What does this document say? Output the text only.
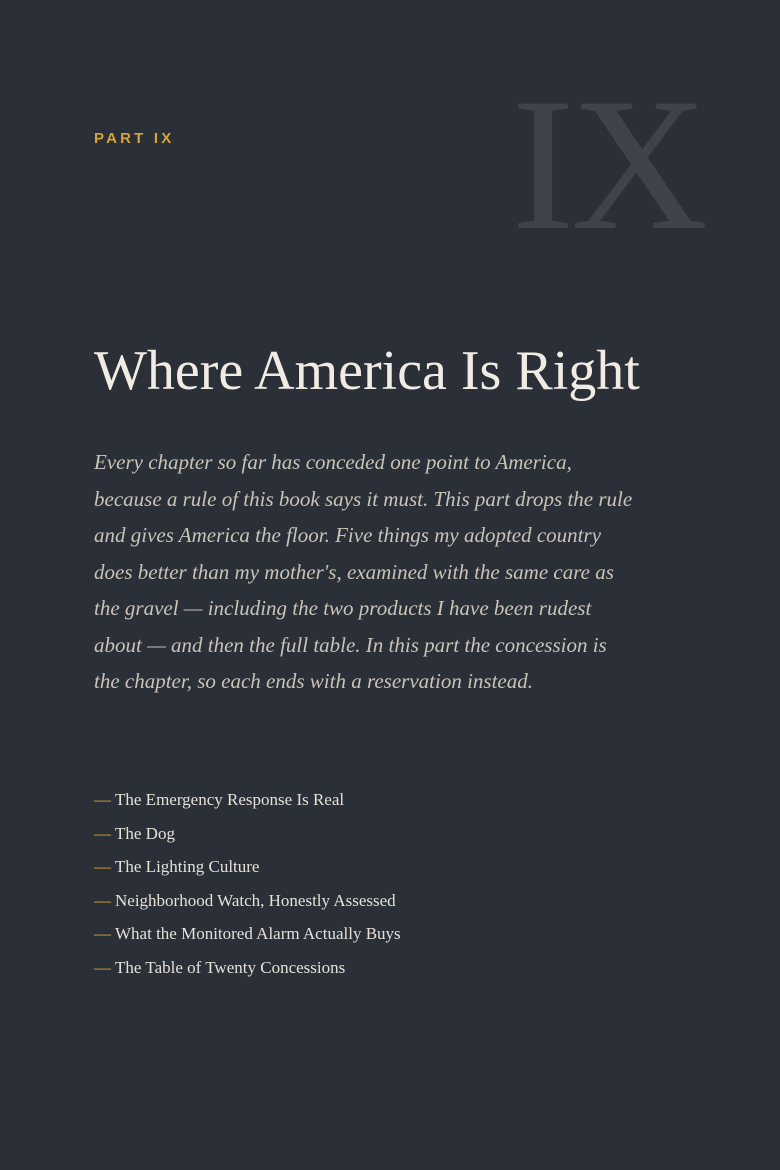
PART IX IX
Where America Is Right

Every chapter so far has conceded one point to America, because a rule of this book says it must. This part drops the rule and gives America the floor. Five things my adopted country does better than my mother's, examined with the same care as the gravel — including the two products I have been rudest about — and then the full table. In this part the concession is the chapter, so each ends with a reservation instead.

— The Emergency Response Is Real
— The Dog
— The Lighting Culture
— Neighborhood Watch, Honestly Assessed
— What the Monitored Alarm Actually Buys
— The Table of Twenty Concessions
